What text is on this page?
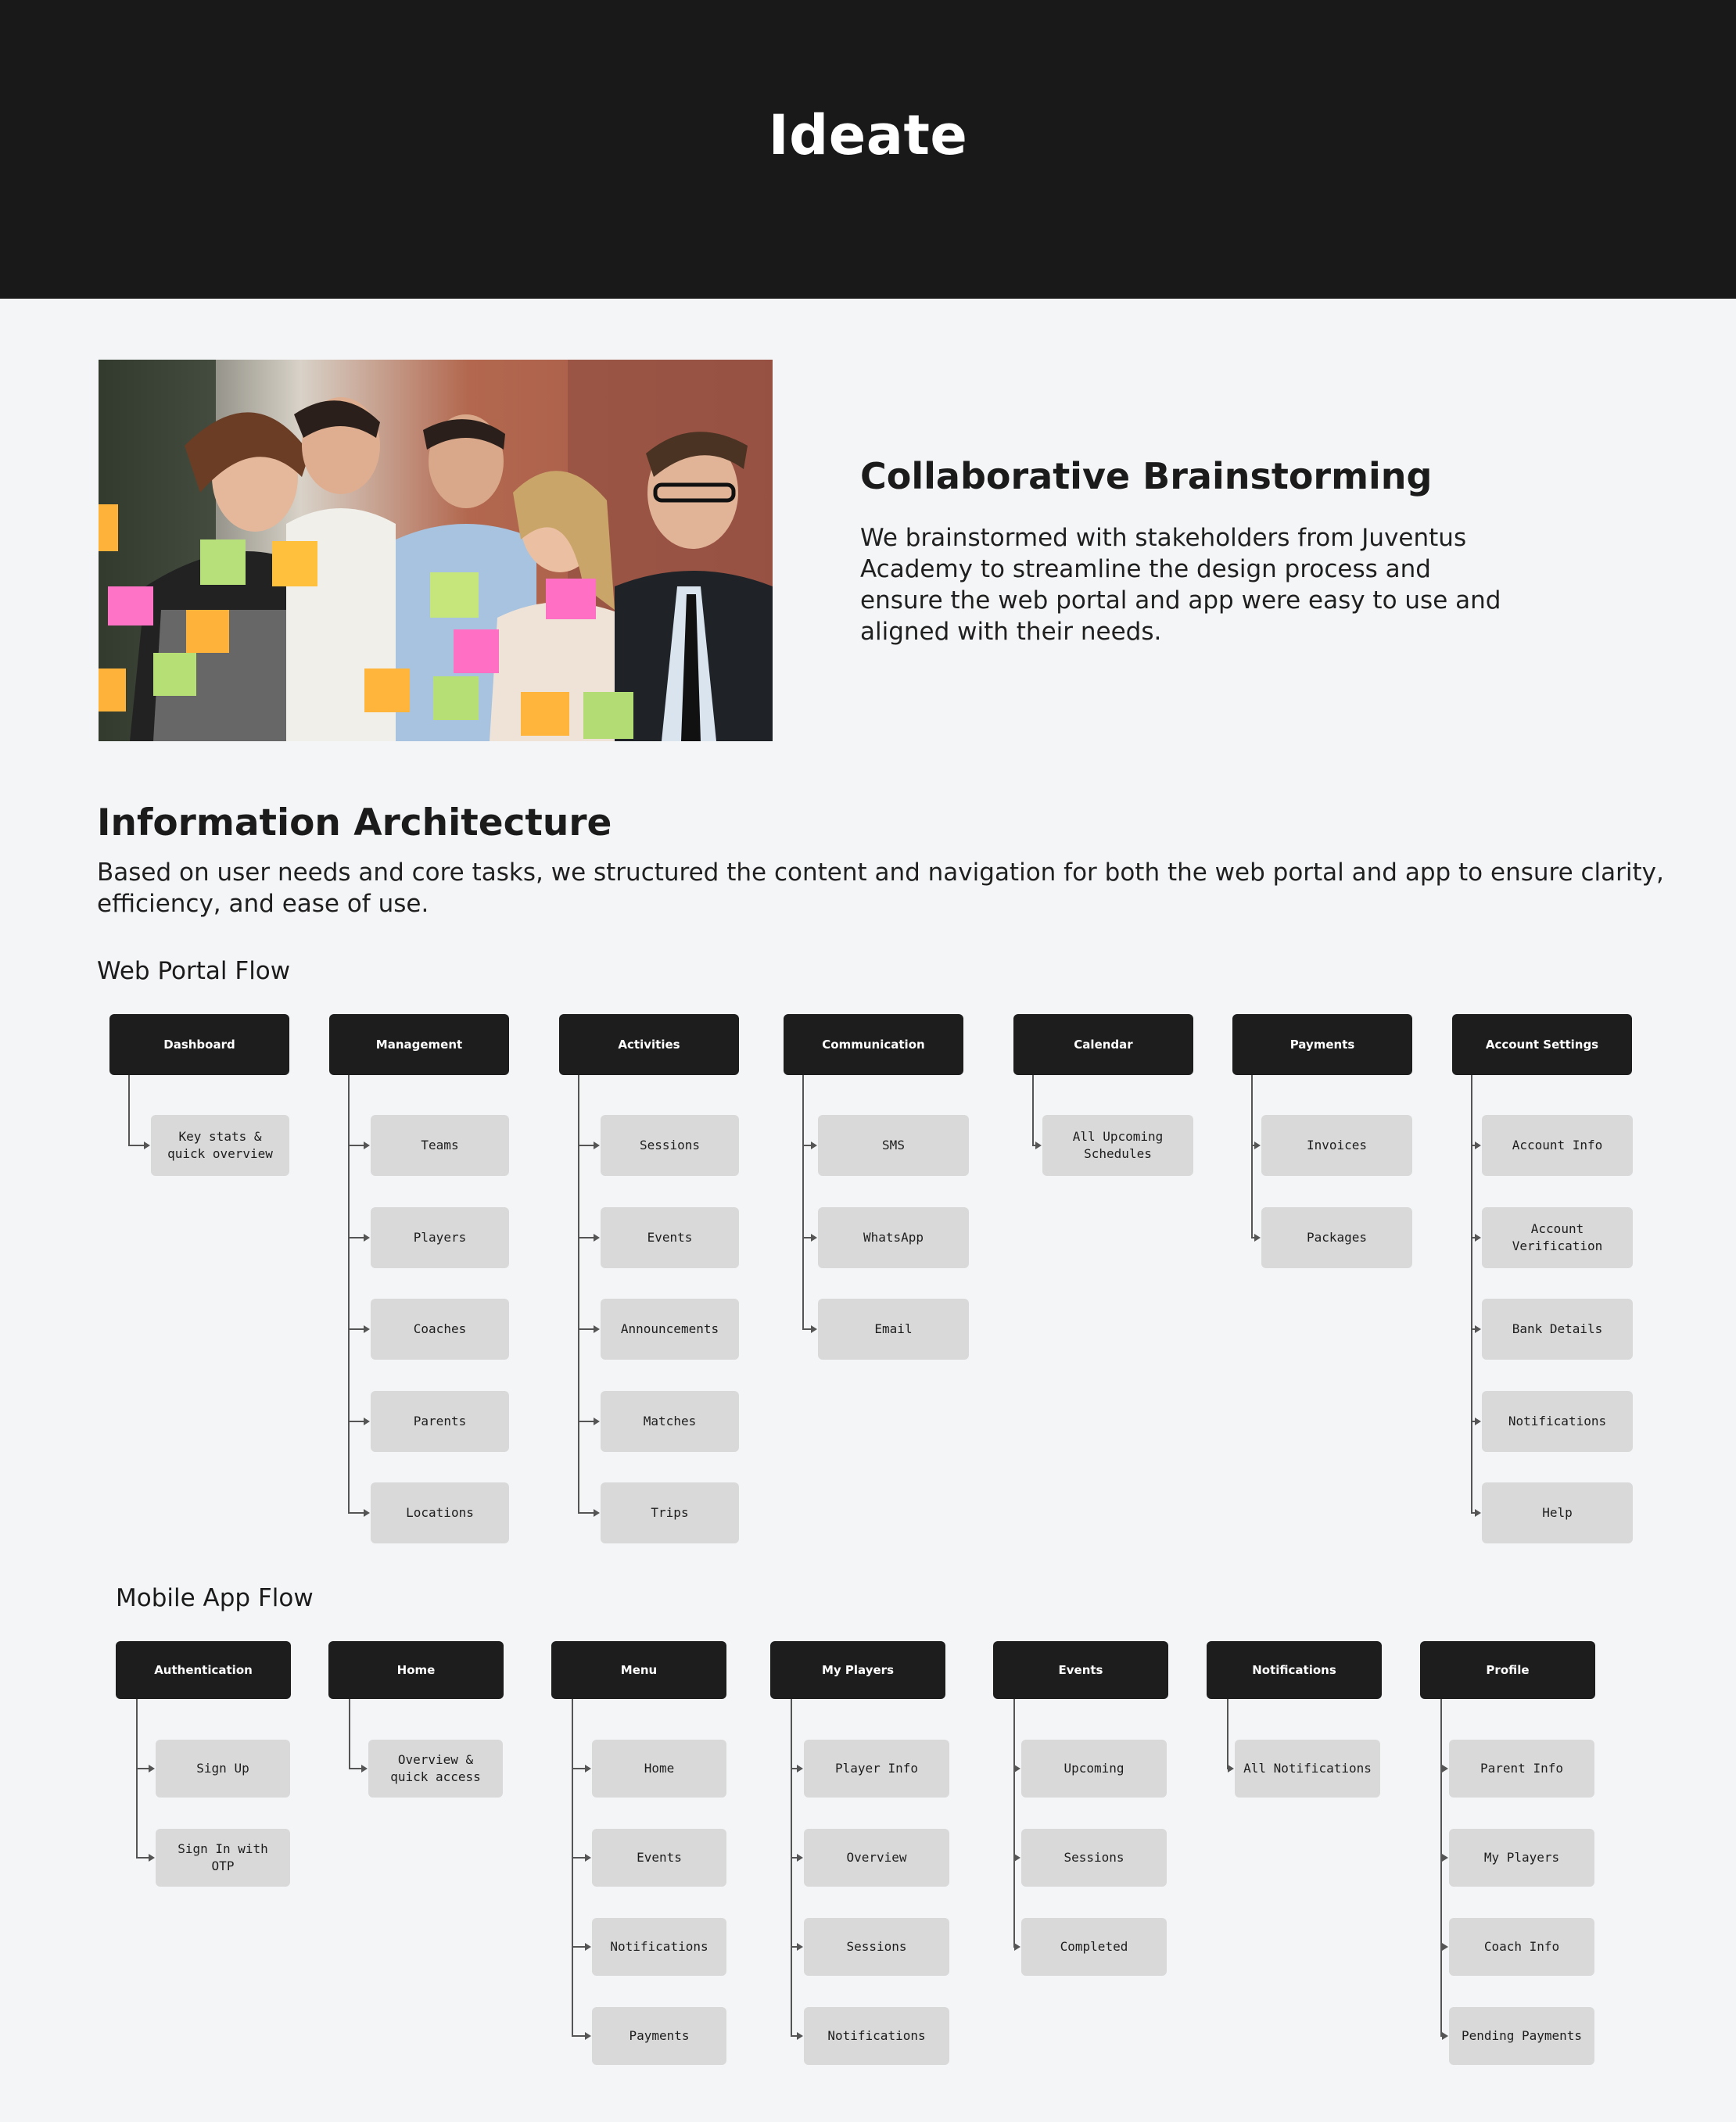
Ideate
Collaborative Brainstorming
We brainstormed with stakeholders from Juventus Academy to streamline the design process and ensure the web portal and app were easy to use and aligned with their needs.
Information Architecture
Based on user needs and core tasks, we structured the content and navigation for both the web portal and app to ensure clarity, efficiency, and ease of use.
Web Portal Flow
Mobile App Flow
Dashboard
Key stats & quick overview
Management
Teams
Players
Coaches
Parents
Locations
Activities
Sessions
Events
Announcements
Matches
Trips
Communication
SMS
WhatsApp
Email
Calendar
All Upcoming Schedules
Payments
Invoices
Packages
Account Settings
Account Info
Account Verification
Bank Details
Notifications
Help
Authentication
Sign Up
Sign In with OTP
Home
Overview & quick access
Menu
Home
Events
Notifications
Payments
My Players
Player Info
Overview
Sessions
Notifications
Events
Upcoming
Sessions
Completed
Notifications
All Notifications
Profile
Parent Info
My Players
Coach Info
Pending Payments
